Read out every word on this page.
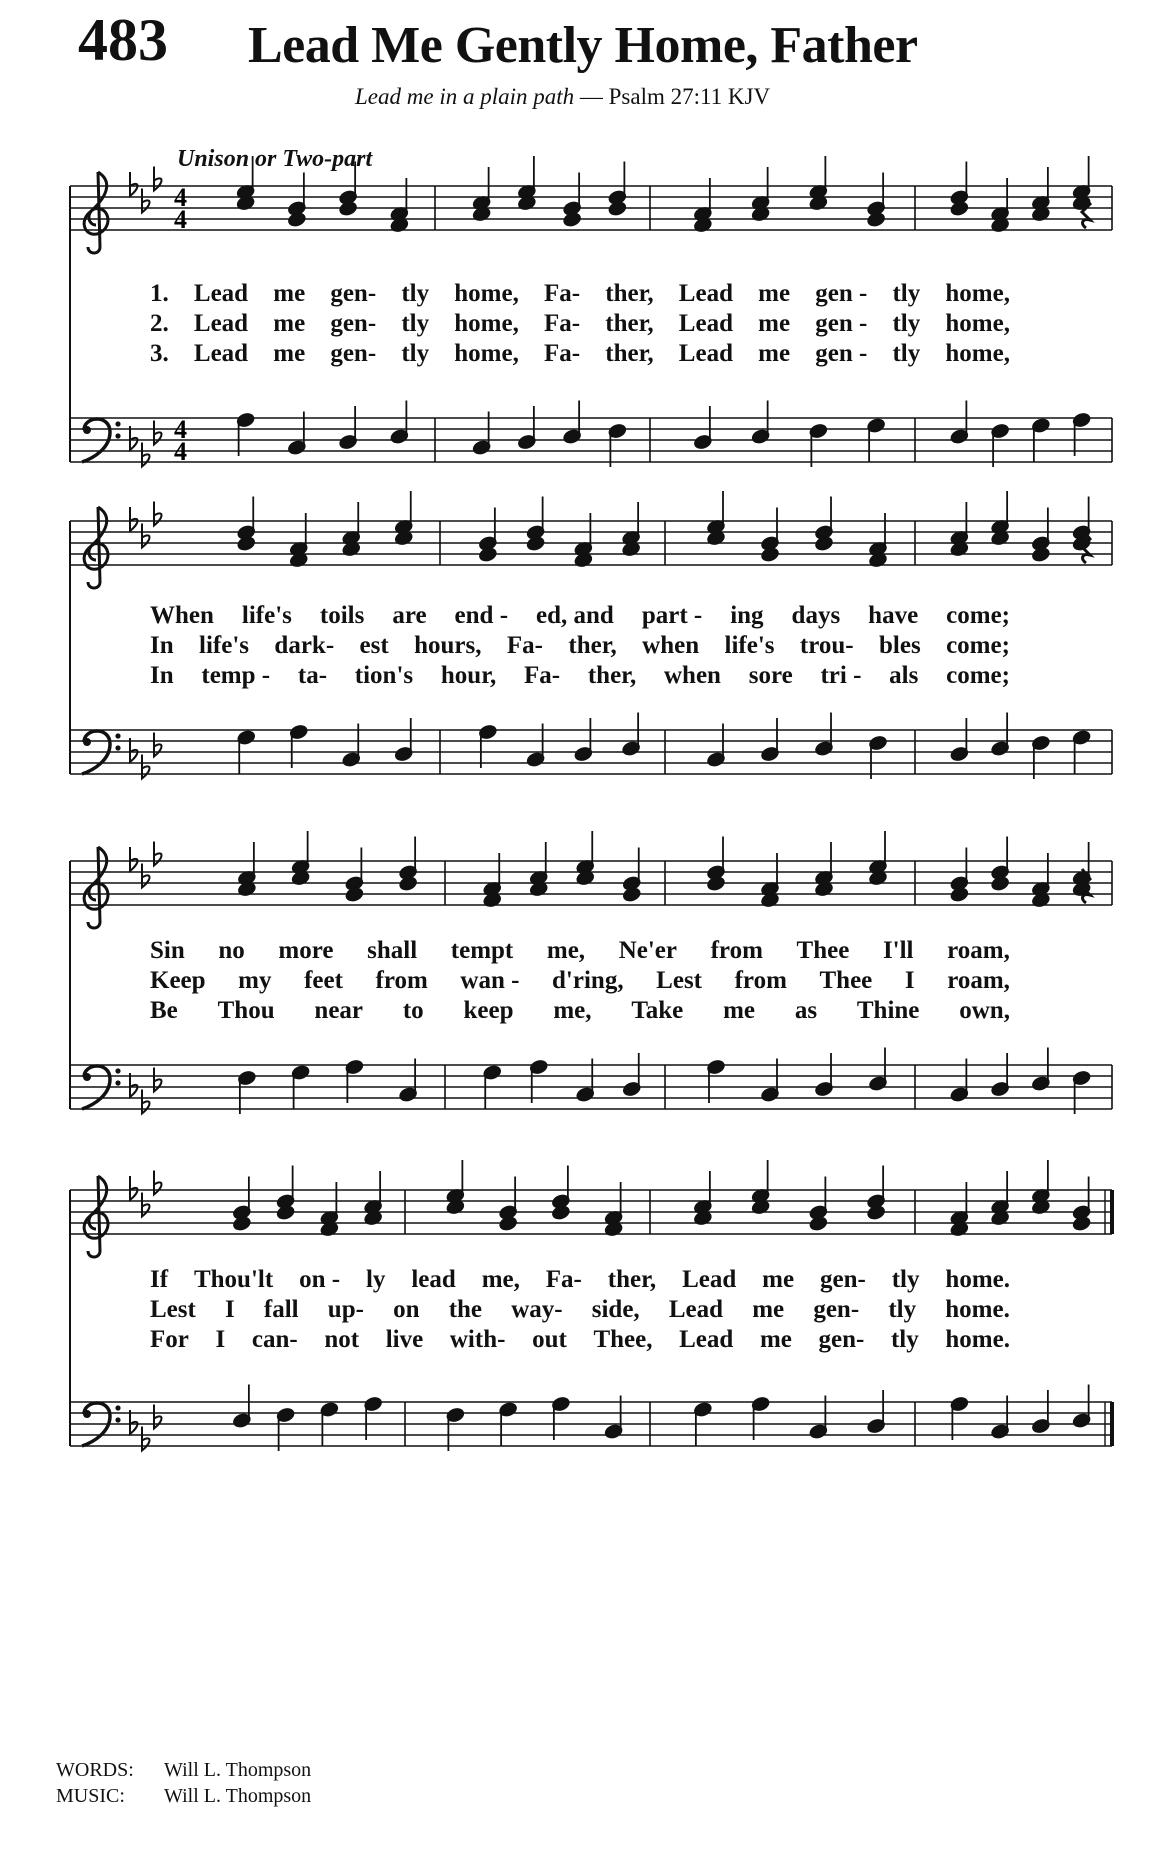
483 Lead Me Gently Home, Father
Lead me in a plain path — Psalm 27:11 KJV
Unison or Two-part
4
4
4
4
1. Lead me gen- tly home, Fa- ther, Lead me gen - tly home,
2. Lead me gen- tly home, Fa- ther, Lead me gen - tly home,
3. Lead me gen- tly home, Fa- ther, Lead me gen - tly home,
When life's toils are end - ed, and part - ing days have come;
In life's dark- est hours, Fa- ther, when life's trou- bles come;
In temp - ta- tion's hour, Fa- ther, when sore tri - als come;
Sin no more shall tempt me, Ne'er from Thee I'll roam,
Keep my feet from wan - d'ring, Lest from Thee I roam,
Be Thou near to keep me, Take me as Thine own,
If Thou'lt on - ly lead me, Fa- ther, Lead me gen- tly home.
Lest I fall up- on the way- side, Lead me gen- tly home.
For I can- not live with- out Thee, Lead me gen- tly home.
WORDS: Will L. Thompson
MUSIC: Will L. Thompson
